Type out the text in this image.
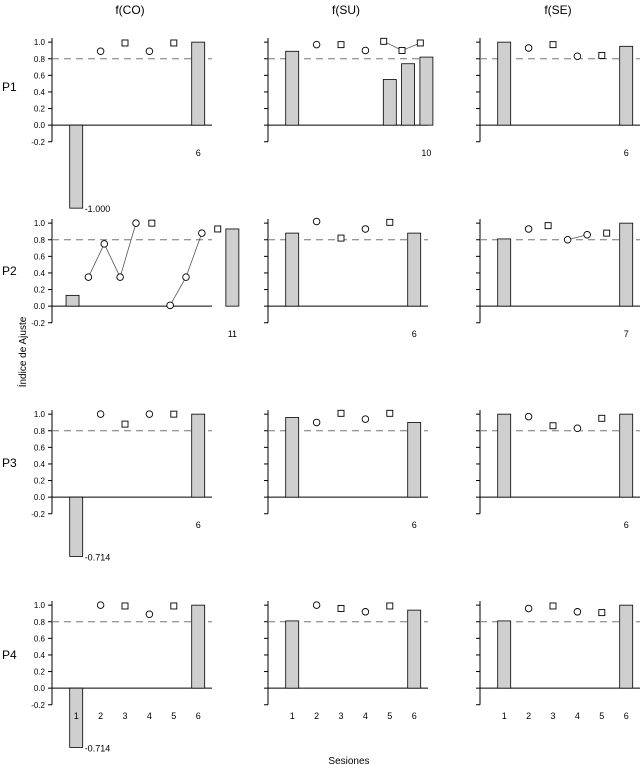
f(CO)	f(SU)	f(SE)
P1
P2
P3
P4
Índice de Ajuste
Sesiones
-0.2
0.0
0.2
0.4
0.6
0.8
1.0
-1.000
6	10	6
-0.2
0.0
0.2
0.4
0.6
0.8
1.0
11	6	7
-0.2
0.0
0.2
0.4
0.6
0.8
1.0
-0.714
6	6	6
-0.2
0.0
0.2
0.4
0.6
0.8
1.0
-0.714
1 2 3 4 5 6	1 2 3 4 5 6	1 2 3 4 5 6
